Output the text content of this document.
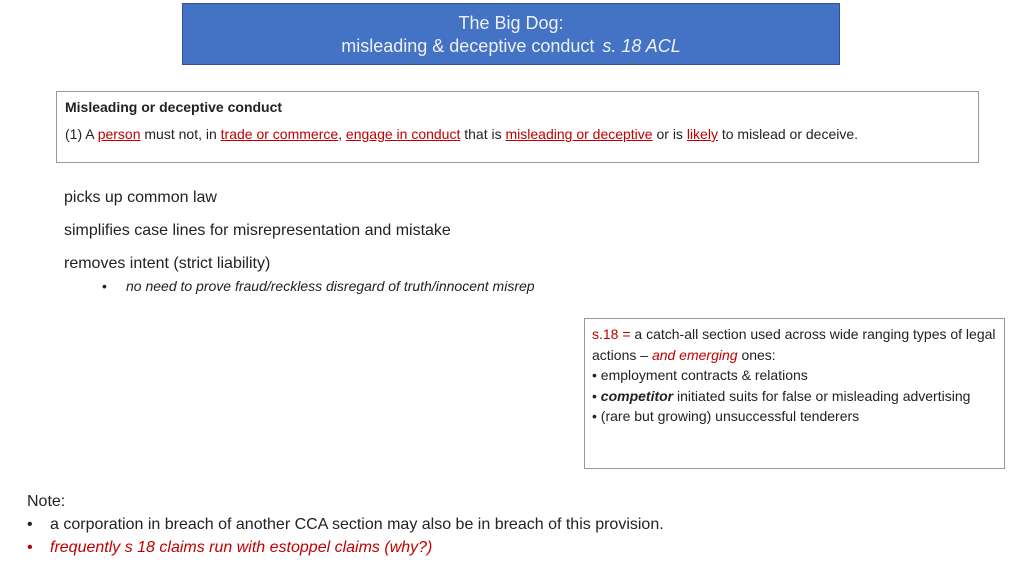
The Big Dog:
misleading & deceptive conduct s. 18 ACL
Misleading or deceptive conduct
(1) A person must not, in trade or commerce, engage in conduct that is misleading or deceptive or is likely to mislead or deceive.
picks up common law
simplifies case lines for misrepresentation and mistake
removes intent (strict liability)
• no need to prove fraud/reckless disregard of truth/innocent misrep
s.18 = a catch-all section used across wide ranging types of legal actions – and emerging ones:
• employment contracts & relations
• competitor initiated suits for false or misleading advertising
• (rare but growing) unsuccessful tenderers
Note:
• a corporation in breach of another CCA section may also be in breach of this provision.
• frequently s 18 claims run with estoppel claims (why?)
